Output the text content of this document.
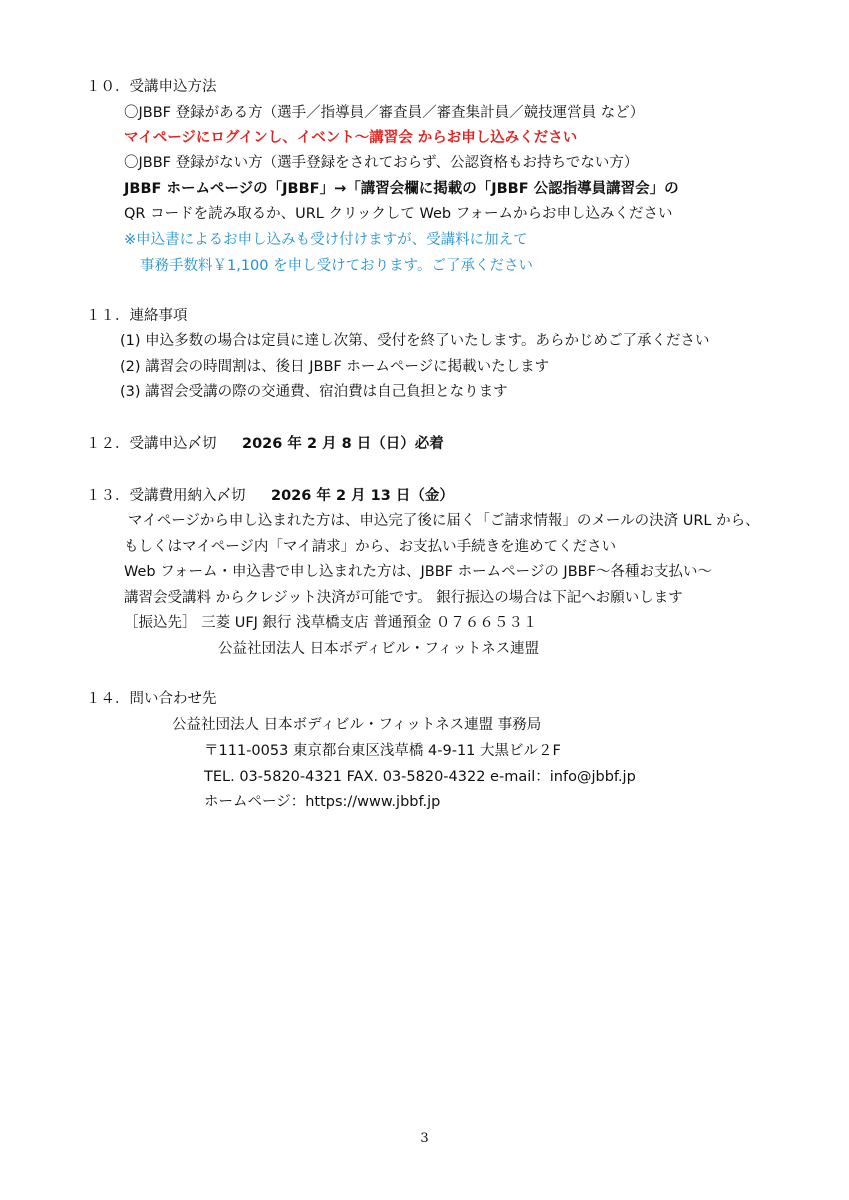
１０．受講申込方法
〇JBBF 登録がある方（選手／指導員／審査員／審査集計員／競技運営員 など）
マイページにログインし、イベント～講習会 からお申し込みください
〇JBBF 登録がない方（選手登録をされておらず、公認資格もお持ちでない方）
JBBF ホームページの「JBBF」→「講習会欄に掲載の「JBBF 公認指導員講習会」の
QR コードを読み取るか、URL クリックして Web フォームからお申し込みください
※申込書によるお申し込みも受け付けますが、受講料に加えて
事務手数料￥1,100 を申し受けております。ご了承ください
１１．連絡事項
(1) 申込多数の場合は定員に達し次第、受付を終了いたします。あらかじめご了承ください
(2) 講習会の時間割は、後日 JBBF ホームページに掲載いたします
(3) 講習会受講の際の交通費、宿泊費は自己負担となります
１２．受講申込〆切 2026 年 2 月 8 日（日）必着
１３．受講費用納入〆切 2026 年 2 月 13 日（金）
マイページから申し込まれた方は、申込完了後に届く「ご請求情報」のメールの決済 URL から、
もしくはマイページ内「マイ請求」から、お支払い手続きを進めてください
Web フォーム・申込書で申し込まれた方は、JBBF ホームページの JBBF～各種お支払い～
講習会受講料 からクレジット決済が可能です。 銀行振込の場合は下記へお願いします
［振込先］ 三菱 UFJ 銀行 浅草橋支店 普通預金 ０７６６５３１
公益社団法人 日本ボディビル・フィットネス連盟
１４．問い合わせ先
公益社団法人 日本ボディビル・フィットネス連盟 事務局
〒111-0053 東京都台東区浅草橋 4-9-11 大黒ビル２F
TEL. 03-5820-4321 FAX. 03-5820-4322 e-mail：info@jbbf.jp
ホームページ：https://www.jbbf.jp
3
